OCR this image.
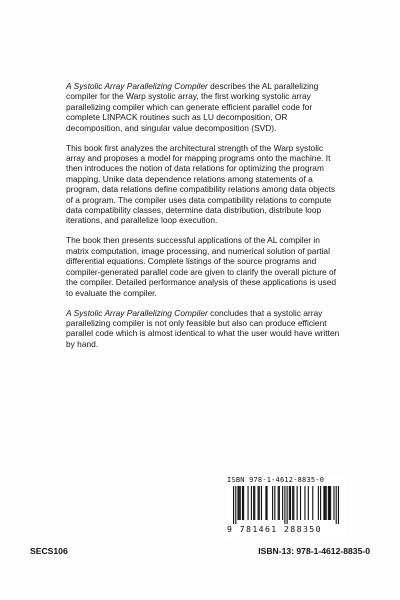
A Systolic Array Parallelizing Compiler describes the AL parallelizing compiler for the Warp systolic array, the first working systolic array parallelizing compiler which can generate efficient parallel code for complete LINPACK routines such as LU decomposition, OR decomposition, and singular value decomposition (SVD).

This book first analyzes the architectural strength of the Warp systolic array and proposes a model for mapping programs onto the machine. It then introduces the notion of data relations for optimizing the program mapping. Unike data dependence relations among statements of a program, data relations define compatibility relations among data objects of a program. The compiler uses data compatibility relations to compute data compatibility classes, determine data distribution, distribute loop iterations, and parallelize loop execution.

The book then presents successful applications of the AL compiler in matrix computation, image processing, and numerical solution of partial differential equations. Complete listings of the source programs and compiler-generated parallel code are given to clarify the overall picture of the compiler. Detailed performance analysis of these applications is used to evaluate the compiler.

A Systolic Array Parallelizing Compiler concludes that a systolic array parallelizing compiler is not only feasible but also can produce efficient parallel code which is almost identical to what the user would have written by hand.

ISBN 978-1-4612-8835-0
9 781461 288350
SECS106	ISBN-13: 978-1-4612-8835-0
